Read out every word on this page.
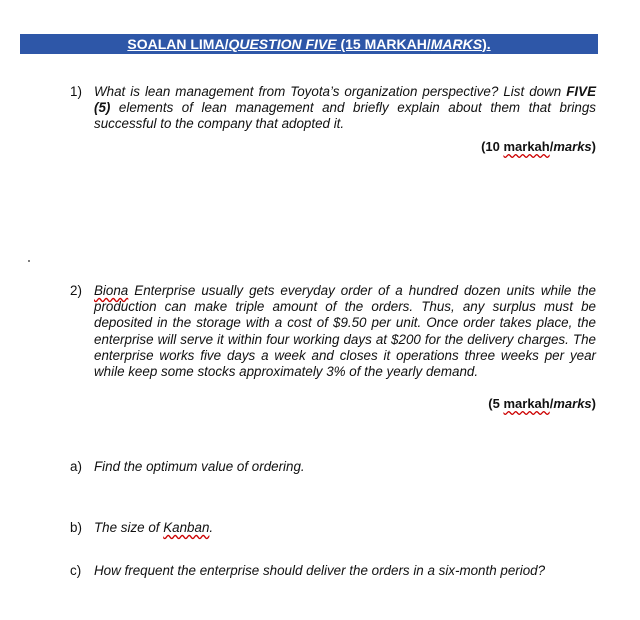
SOALAN LIMA/QUESTION FIVE (15 MARKAH/MARKS).
1) What is lean management from Toyota’s organization perspective? List down FIVE (5) elements of lean management and briefly explain about them that brings successful to the company that adopted it.
(10 markah/marks)
2) Biona Enterprise usually gets everyday order of a hundred dozen units while the production can make triple amount of the orders. Thus, any surplus must be deposited in the storage with a cost of $9.50 per unit. Once order takes place, the enterprise will serve it within four working days at $200 for the delivery charges. The enterprise works five days a week and closes it operations three weeks per year while keep some stocks approximately 3% of the yearly demand.
(5 markah/marks)
a) Find the optimum value of ordering.
b) The size of Kanban.
c) How frequent the enterprise should deliver the orders in a six-month period?
